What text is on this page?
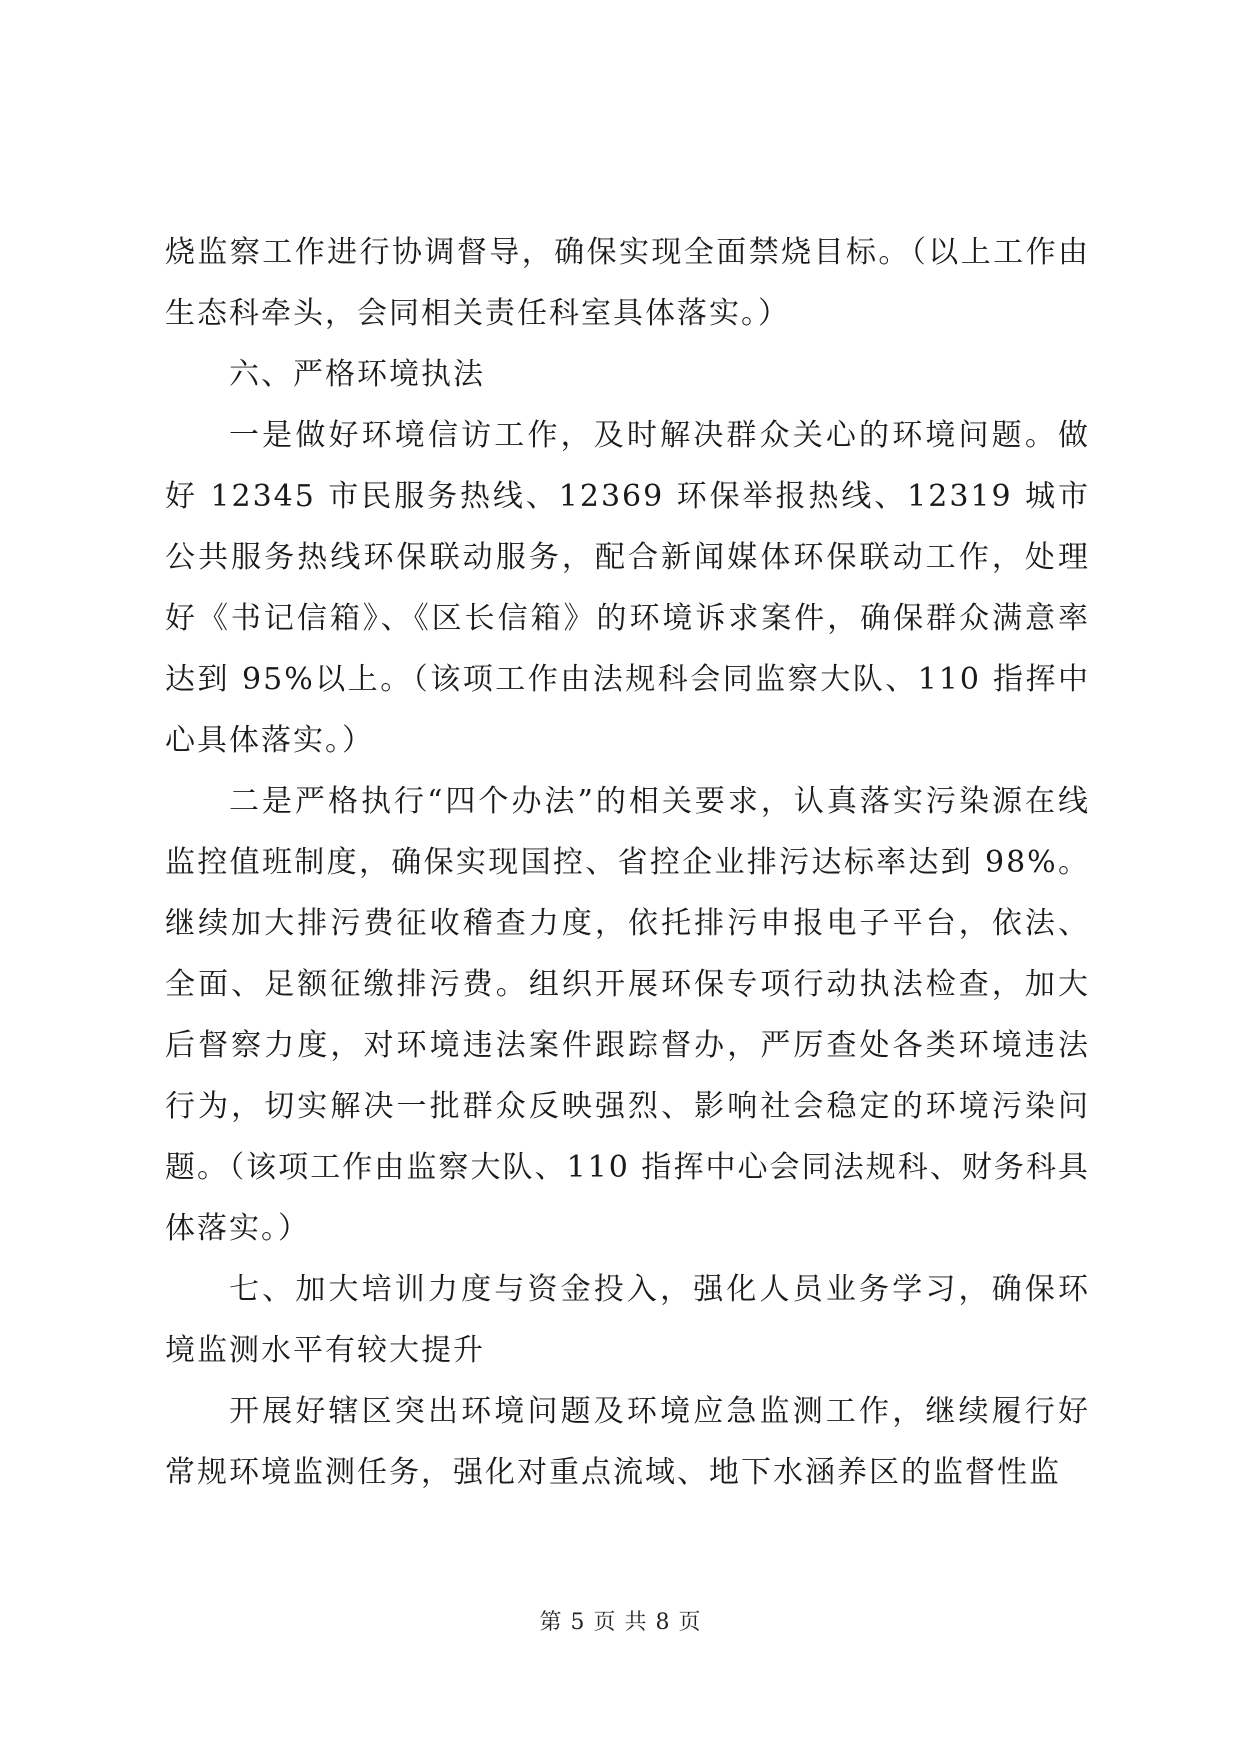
烧监察工作进行协调督导，确保实现全面禁烧目标。（以上工作由生态科牵头，会同相关责任科室具体落实。）

六、严格环境执法

一是做好环境信访工作，及时解决群众关心的环境问题。做好 12345 市民服务热线、12369 环保举报热线、12319 城市公共服务热线环保联动服务，配合新闻媒体环保联动工作，处理好《书记信箱》、《区长信箱》的环境诉求案件，确保群众满意率达到 95%以上。（该项工作由法规科会同监察大队、110 指挥中心具体落实。）

二是严格执行“四个办法”的相关要求，认真落实污染源在线监控值班制度，确保实现国控、省控企业排污达标率达到 98%。继续加大排污费征收稽查力度，依托排污申报电子平台，依法、全面、足额征缴排污费。组织开展环保专项行动执法检查，加大后督察力度，对环境违法案件跟踪督办，严厉查处各类环境违法行为，切实解决一批群众反映强烈、影响社会稳定的环境污染问题。（该项工作由监察大队、110 指挥中心会同法规科、财务科具体落实。）

七、加大培训力度与资金投入，强化人员业务学习，确保环境监测水平有较大提升

开展好辖区突出环境问题及环境应急监测工作，继续履行好常规环境监测任务，强化对重点流域、地下水涵养区的监督性监

第 5 页 共 8 页
